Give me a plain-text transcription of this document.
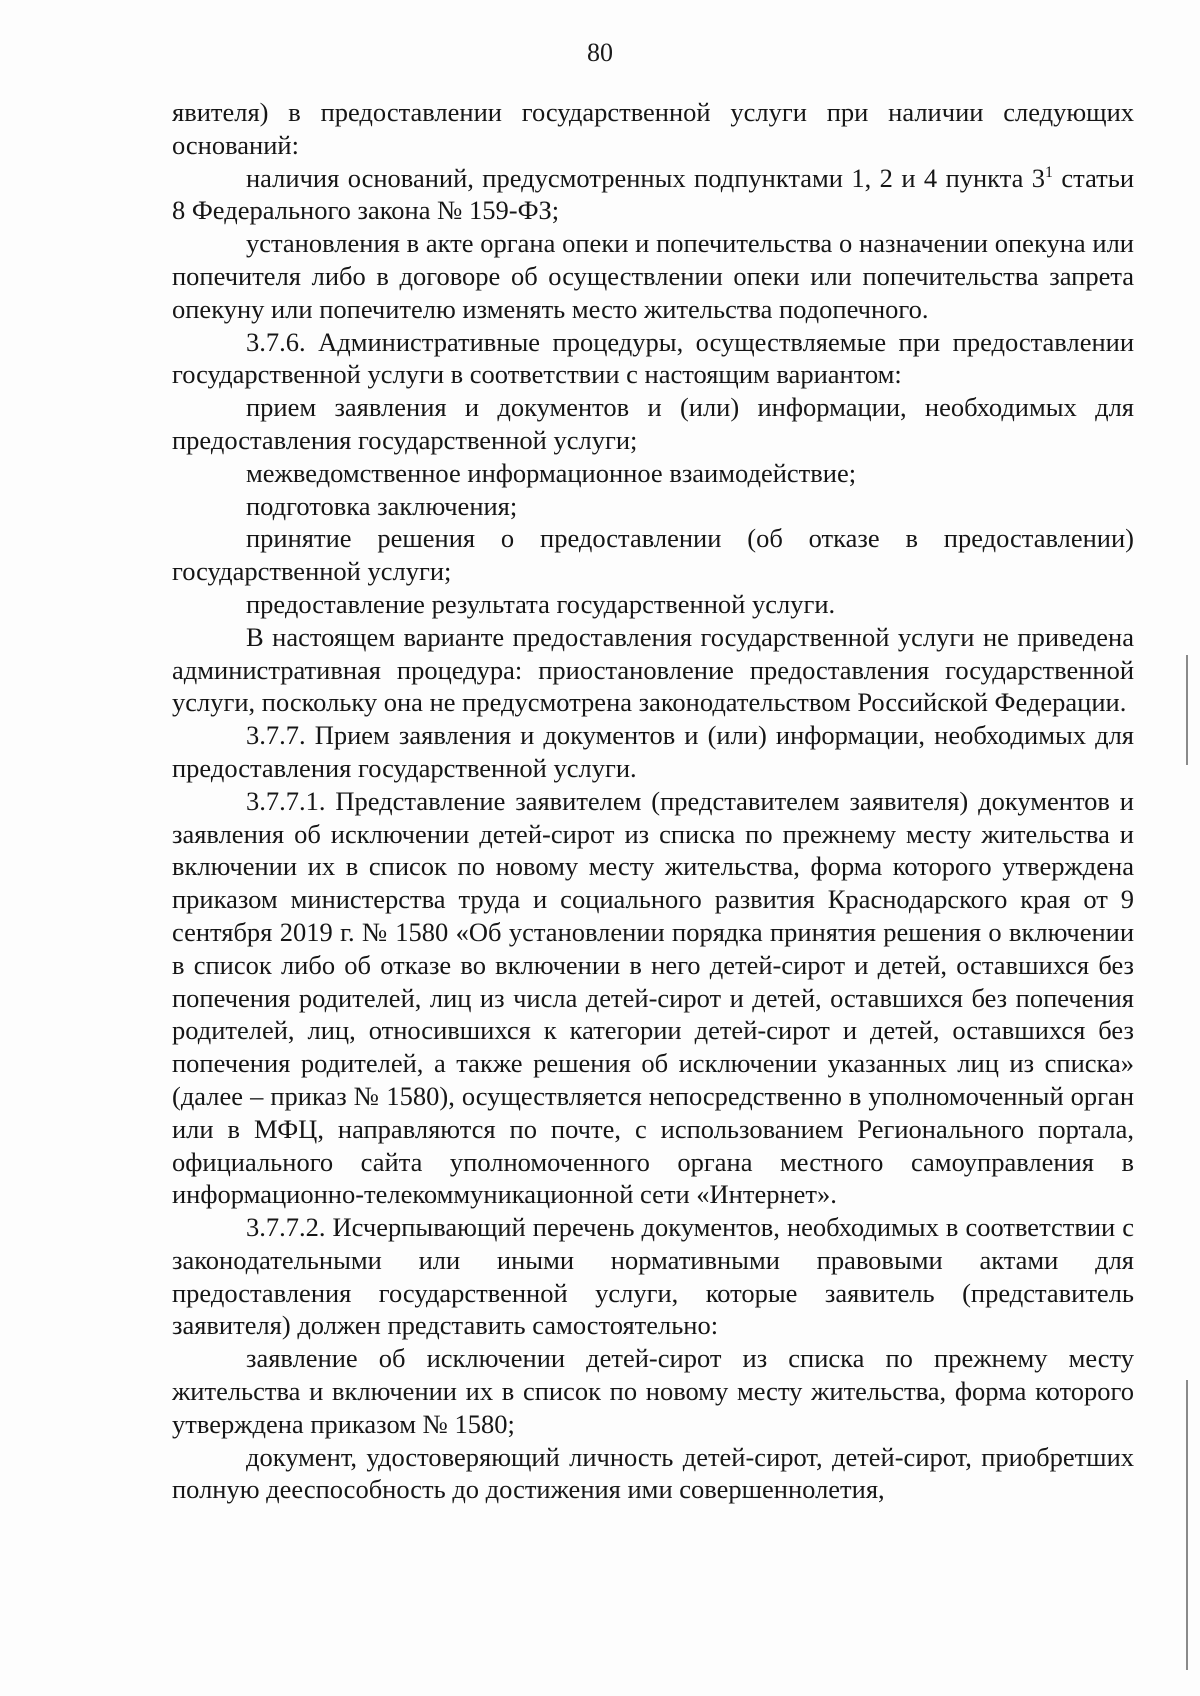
80

явителя) в предоставлении государственной услуги при наличии следующих оснований:

наличия оснований, предусмотренных подпунктами 1, 2 и 4 пункта $3^1$ статьи 8 Федерального закона № 159-ФЗ;

установления в акте органа опеки и попечительства о назначении опекуна или попечителя либо в договоре об осуществлении опеки или попечительства запрета опекуну или попечителю изменять место жительства подопечного.

3.7.6. Административные процедуры, осуществляемые при предоставлении государственной услуги в соответствии с настоящим вариантом:

прием заявления и документов и (или) информации, необходимых для предоставления государственной услуги;

межведомственное информационное взаимодействие;

подготовка заключения;

принятие решения о предоставлении (об отказе в предоставлении) государственной услуги;

предоставление результата государственной услуги.

В настоящем варианте предоставления государственной услуги не приведена административная процедура: приостановление предоставления государственной услуги, поскольку она не предусмотрена законодательством Российской Федерации.

3.7.7. Прием заявления и документов и (или) информации, необходимых для предоставления государственной услуги.

3.7.7.1. Представление заявителем (представителем заявителя) документов и заявления об исключении детей-сирот из списка по прежнему месту жительства и включении их в список по новому месту жительства, форма которого утверждена приказом министерства труда и социального развития Краснодарского края от 9 сентября 2019 г. № 1580 «Об установлении порядка принятия решения о включении в список либо об отказе во включении в него детей-сирот и детей, оставшихся без попечения родителей, лиц из числа детей-сирот и детей, оставшихся без попечения родителей, лиц, относившихся к категории детей-сирот и детей, оставшихся без попечения родителей, а также решения об исключении указанных лиц из списка» (далее – приказ № 1580), осуществляется непосредственно в уполномоченный орган или в МФЦ, направляются по почте, с использованием Регионального портала, официального сайта уполномоченного органа местного самоуправления в информационно-телекоммуникационной сети «Интернет».

3.7.7.2. Исчерпывающий перечень документов, необходимых в соответствии с законодательными или иными нормативными правовыми актами для предоставления государственной услуги, которые заявитель (представитель заявителя) должен представить самостоятельно:

заявление об исключении детей-сирот из списка по прежнему месту жительства и включении их в список по новому месту жительства, форма которого утверждена приказом № 1580;

документ, удостоверяющий личность детей-сирот, детей-сирот, приобретших полную дееспособность до достижения ими совершеннолетия,
